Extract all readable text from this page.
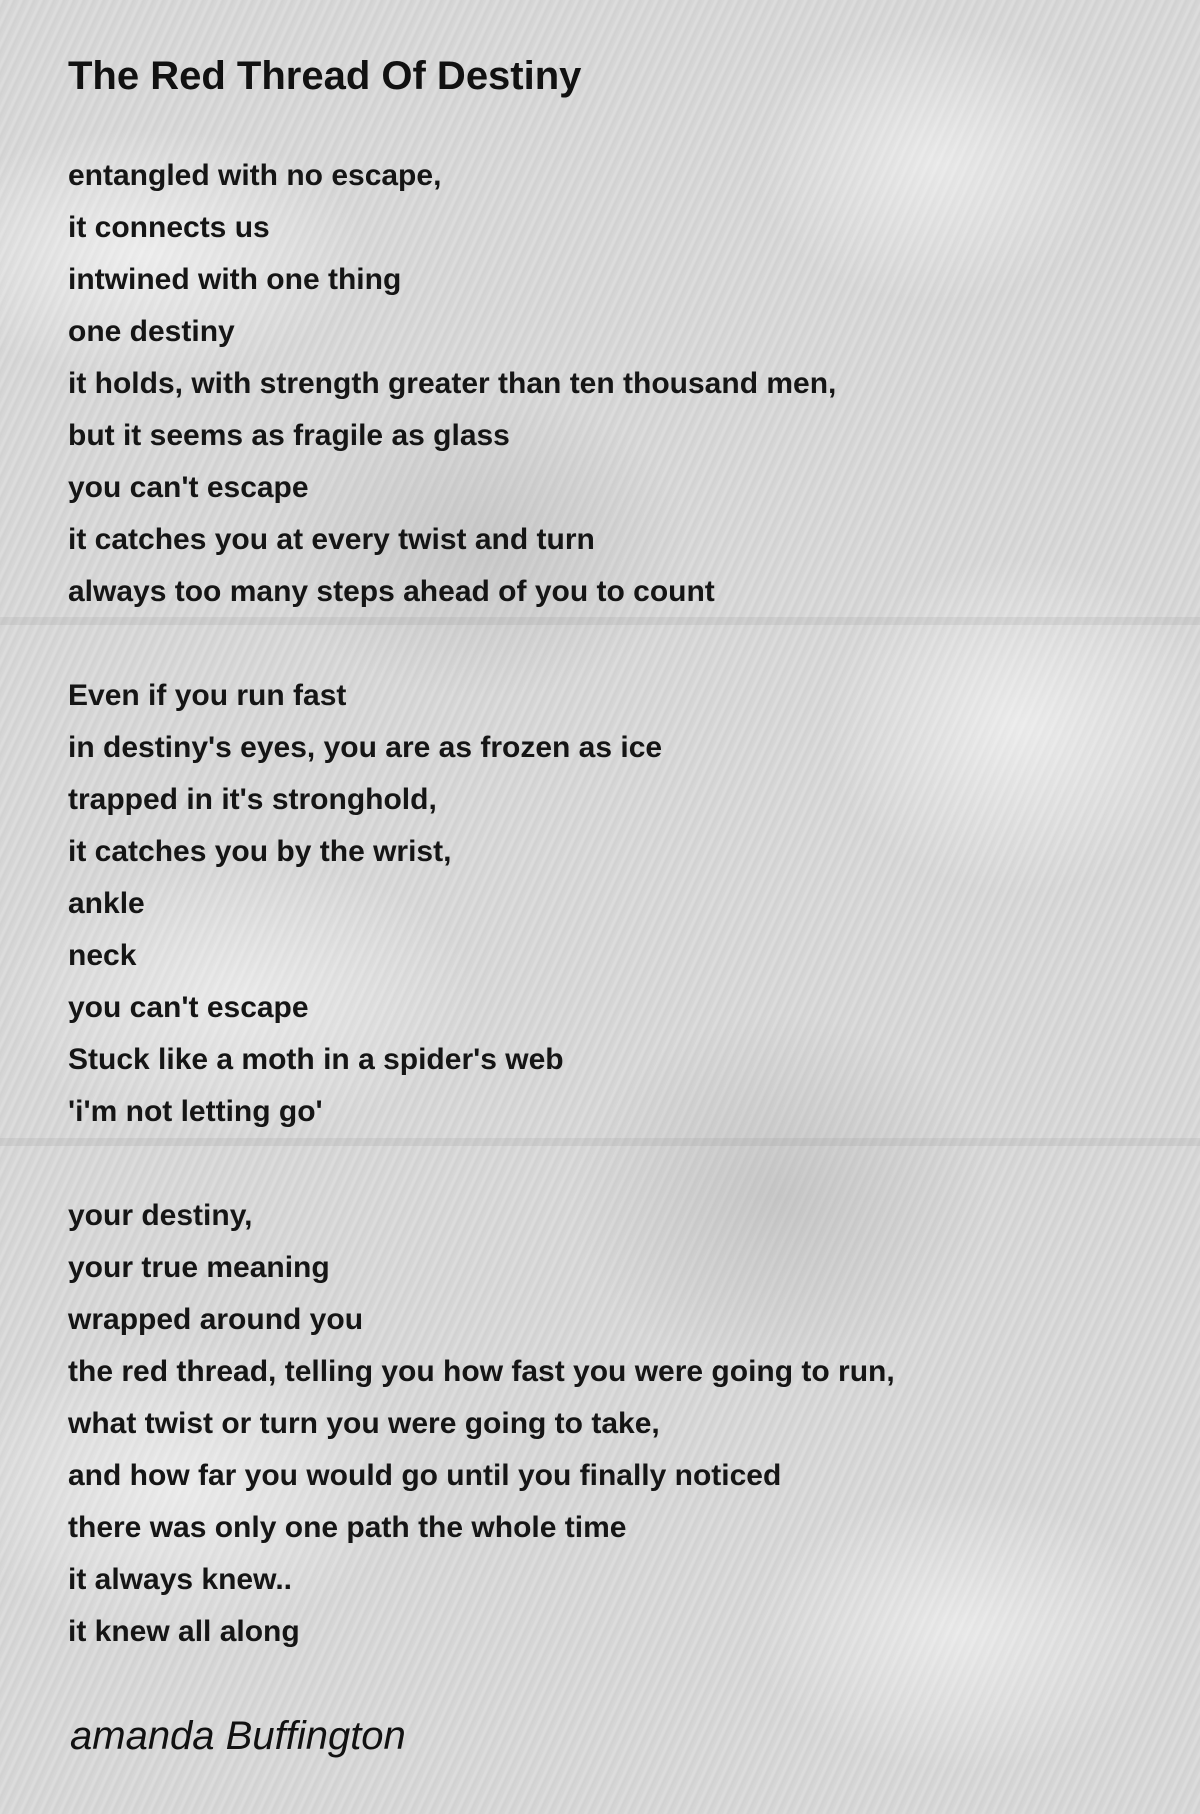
The Red Thread Of Destiny
entangled with no escape,
it connects us
intwined with one thing
one destiny
it holds, with strength greater than ten thousand men,
but it seems as fragile as glass
you can't escape
it catches you at every twist and turn
always too many steps ahead of you to count
Even if you run fast
in destiny's eyes, you are as frozen as ice
trapped in it's stronghold,
it catches you by the wrist,
ankle
neck
you can't escape
Stuck like a moth in a spider's web
'i'm not letting go'
your destiny,
your true meaning
wrapped around you
the red thread, telling you how fast you were going to run,
what twist or turn you were going to take,
and how far you would go until you finally noticed
there was only one path the whole time
it always knew..
it knew all along
amanda Buffington
